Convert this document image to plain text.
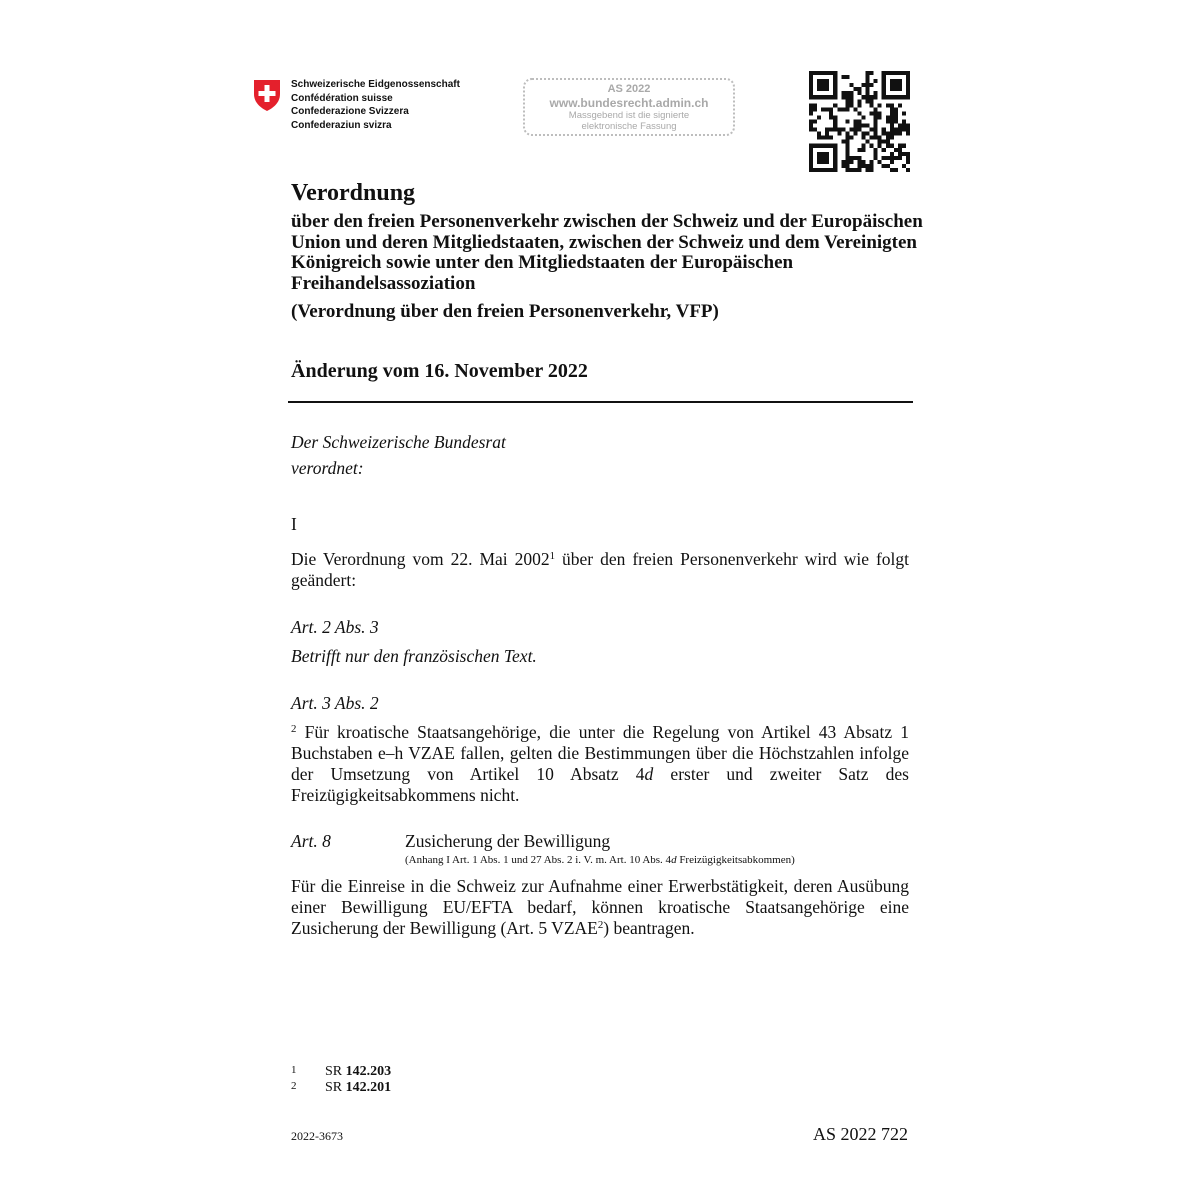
Schweizerische Eidgenossenschaft
Confédération suisse
Confederazione Svizzera
Confederaziun svizra
AS 2022
www.bundesrecht.admin.ch
Massgebend ist die signierte
elektronische Fassung
Verordnung
über den freien Personenverkehr zwischen der Schweiz und der Europäischen Union und deren Mitgliedstaaten, zwischen der Schweiz und dem Vereinigten Königreich sowie unter den Mitgliedstaaten der Europäischen Freihandelsassoziation
(Verordnung über den freien Personenverkehr, VFP)
Änderung vom 16. November 2022
Der Schweizerische Bundesrat
verordnet:
I
Die Verordnung vom 22. Mai 2002$^1$ über den freien Personenverkehr wird wie folgt geändert:
Art. 2 Abs. 3
Betrifft nur den französischen Text.
Art. 3 Abs. 2
$^2$ Für kroatische Staatsangehörige, die unter die Regelung von Artikel 43 Absatz 1 Buchstaben e–h VZAE fallen, gelten die Bestimmungen über die Höchstzahlen infolge der Umsetzung von Artikel 10 Absatz 4d erster und zweiter Satz des Freizügigkeitsabkommens nicht.
Art. 8	Zusicherung der Bewilligung
(Anhang I Art. 1 Abs. 1 und 27 Abs. 2 i. V. m. Art. 10 Abs. 4d Freizügigkeitsabkommen)
Für die Einreise in die Schweiz zur Aufnahme einer Erwerbstätigkeit, deren Ausübung einer Bewilligung EU/EFTA bedarf, können kroatische Staatsangehörige eine Zusicherung der Bewilligung (Art. 5 VZAE$^2$) beantragen.
1 SR 142.203
2 SR 142.201
2022-3673	AS 2022 722
